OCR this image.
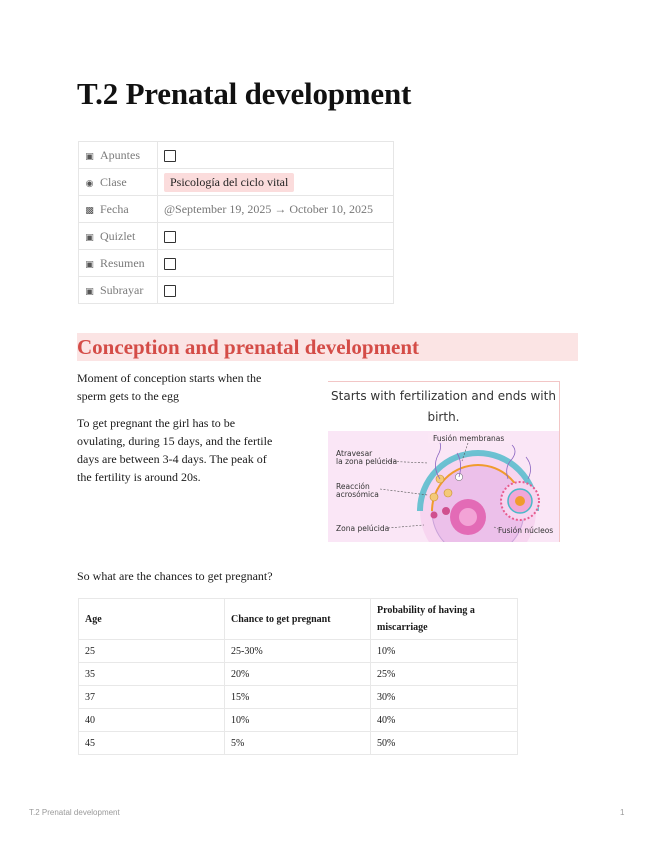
T.2 Prenatal development
▣ Apuntes	
◉ Clase	Psicología del ciclo vital
▩ Fecha	@September 19, 2025 → October 10, 2025
▣ Quizlet	
▣ Resumen	
▣ Subrayar	
Conception and prenatal development

Moment of conception starts when the sperm gets to the egg

To get pregnant the girl has to be ovulating, during 15 days, and the fertile days are between 3-4 days. The peak of the fertility is around 20s.

Starts with fertilization and ends with birth.
Fusión membranas
Atravesar
la zona pelúcida
Reacción
acrosómica
Zona pelúcida	Fusión núcleos

So what are the chances to get pregnant?

Age	Chance to get pregnant	Probability of having a miscarriage
25	25-30%	10%
35	20%	25%
37	15%	30%
40	10%	40%
45	5%	50%
T.2 Prenatal development	1
